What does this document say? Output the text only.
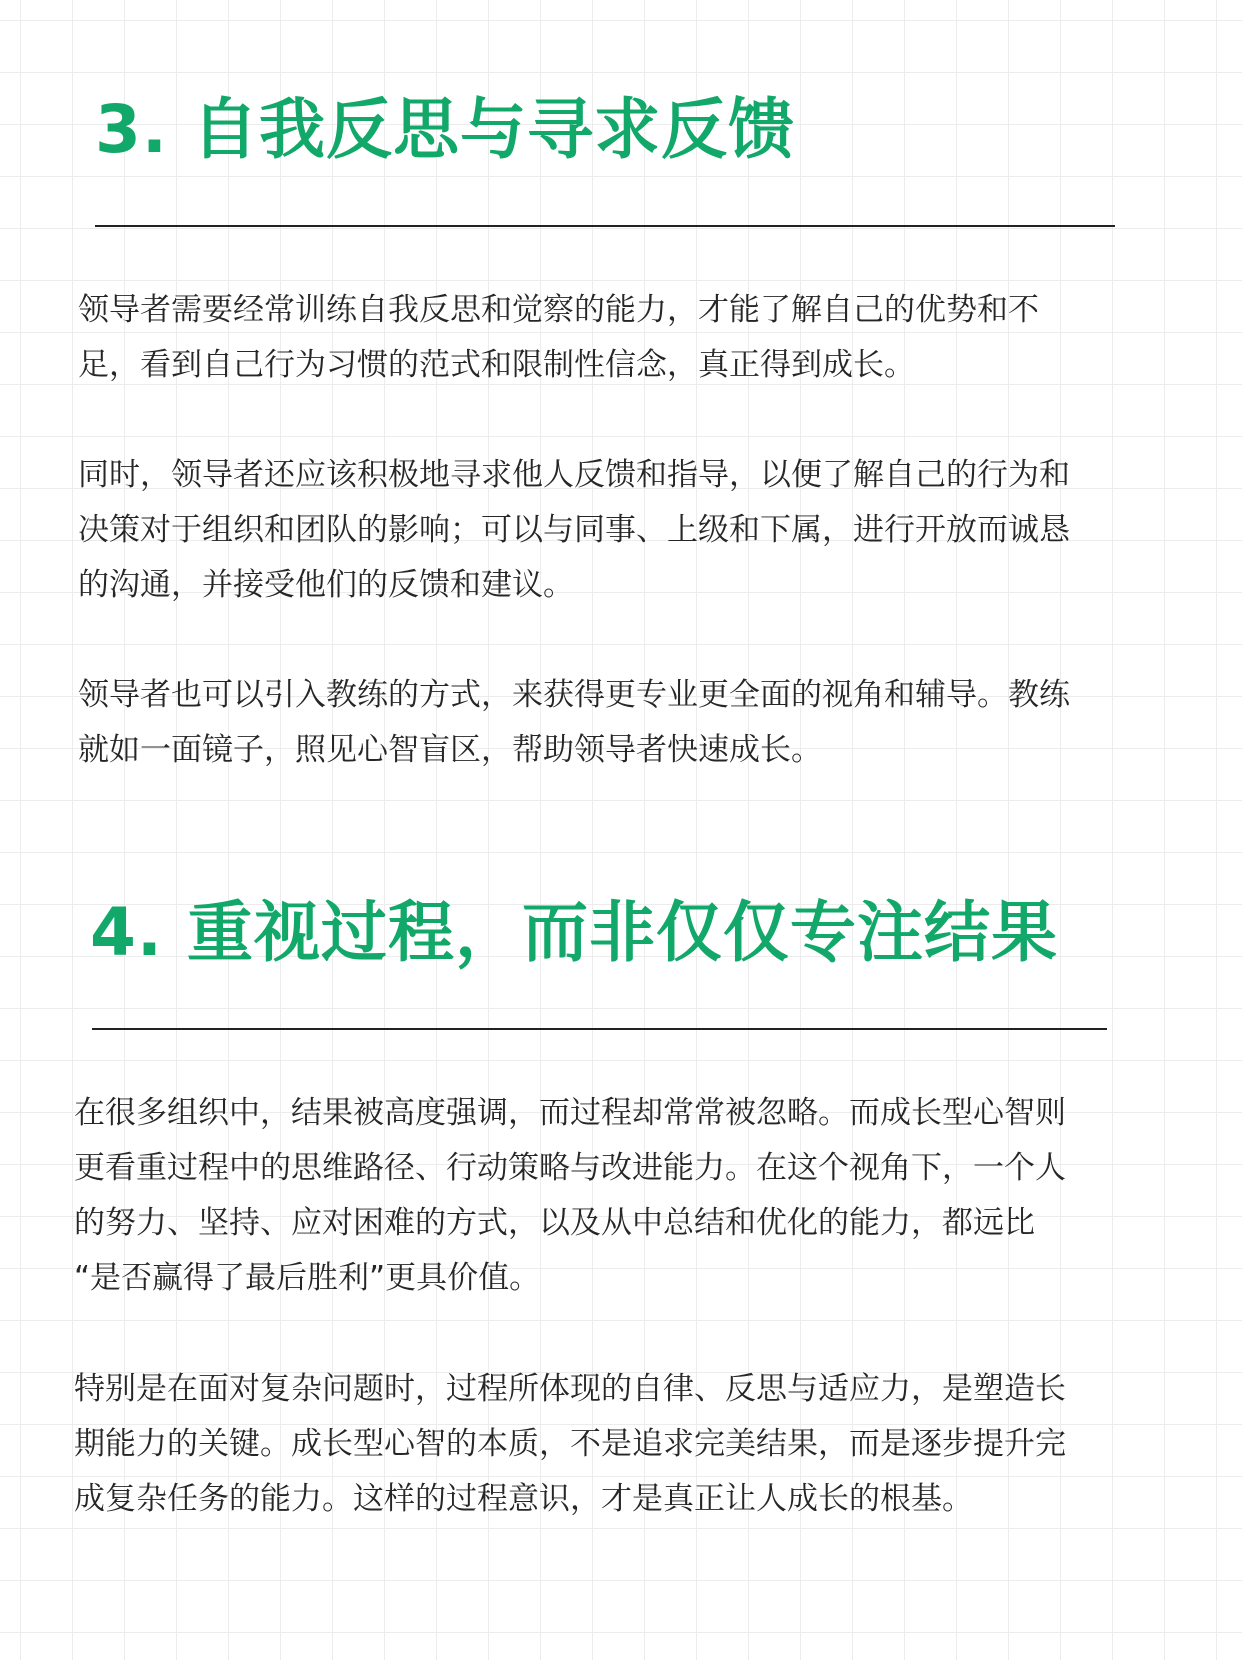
3. 自我反思与寻求反馈
领导者需要经常训练自我反思和觉察的能力，才能了解自己的优势和不
足，看到自己行为习惯的范式和限制性信念，真正得到成长。
同时，领导者还应该积极地寻求他人反馈和指导，以便了解自己的行为和
决策对于组织和团队的影响；可以与同事、上级和下属，进行开放而诚恳
的沟通，并接受他们的反馈和建议。
领导者也可以引入教练的方式，来获得更专业更全面的视角和辅导。教练
就如一面镜子，照见心智盲区，帮助领导者快速成长。
4. 重视过程，而非仅仅专注结果
在很多组织中，结果被高度强调，而过程却常常被忽略。而成长型心智则
更看重过程中的思维路径、行动策略与改进能力。在这个视角下，一个人
的努力、坚持、应对困难的方式，以及从中总结和优化的能力，都远比
“是否赢得了最后胜利”更具价值。
特别是在面对复杂问题时，过程所体现的自律、反思与适应力，是塑造长
期能力的关键。成长型心智的本质，不是追求完美结果，而是逐步提升完
成复杂任务的能力。这样的过程意识，才是真正让人成长的根基。
